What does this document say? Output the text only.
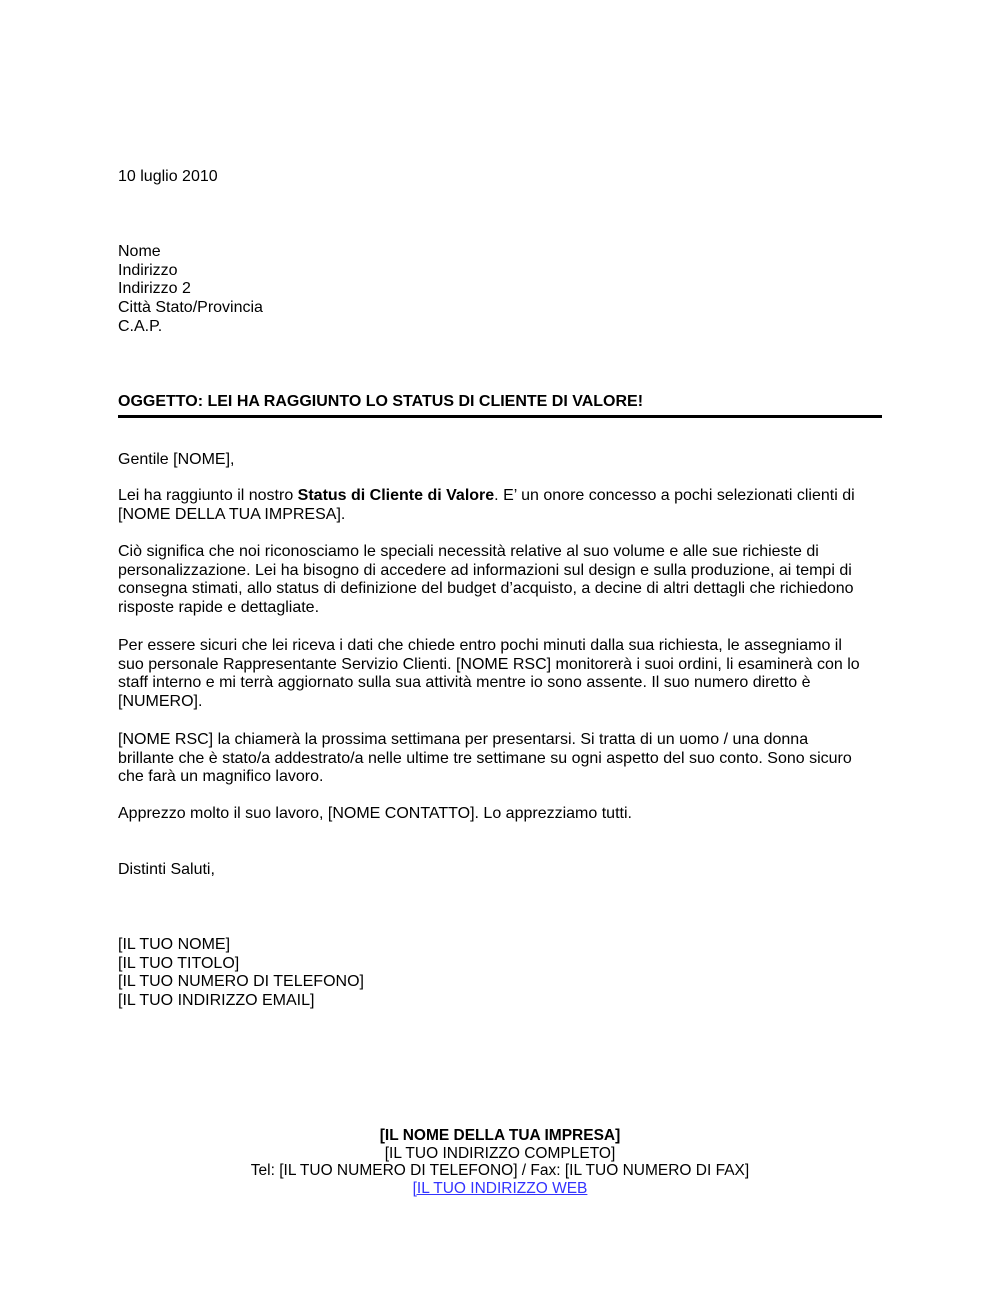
10 luglio 2010
Nome
Indirizzo
Indirizzo 2
Città Stato/Provincia
C.A.P.
OGGETTO: LEI HA RAGGIUNTO LO STATUS DI CLIENTE DI VALORE!
Gentile [NOME],
Lei ha raggiunto il nostro Status di Cliente di Valore. E’ un onore concesso a pochi selezionati clienti di
[NOME DELLA TUA IMPRESA].
Ciò significa che noi riconosciamo le speciali necessità relative al suo volume e alle sue richieste di
personalizzazione. Lei ha bisogno di accedere ad informazioni sul design e sulla produzione, ai tempi di
consegna stimati, allo status di definizione del budget d’acquisto, a decine di altri dettagli che richiedono
risposte rapide e dettagliate.
Per essere sicuri che lei riceva i dati che chiede entro pochi minuti dalla sua richiesta, le assegniamo il
suo personale Rappresentante Servizio Clienti. [NOME RSC] monitorerà i suoi ordini, li esaminerà con lo
staff interno e mi terrà aggiornato sulla sua attività mentre io sono assente. Il suo numero diretto è
[NUMERO].
[NOME RSC] la chiamerà la prossima settimana per presentarsi. Si tratta di un uomo / una donna
brillante che è stato/a addestrato/a nelle ultime tre settimane su ogni aspetto del suo conto. Sono sicuro
che farà un magnifico lavoro.
Apprezzo molto il suo lavoro, [NOME CONTATTO]. Lo apprezziamo tutti.
Distinti Saluti,
[IL TUO NOME]
[IL TUO TITOLO]
[IL TUO NUMERO DI TELEFONO]
[IL TUO INDIRIZZO EMAIL]
[IL NOME DELLA TUA IMPRESA]
[IL TUO INDIRIZZO COMPLETO]
Tel: [IL TUO NUMERO DI TELEFONO] / Fax: [IL TUO NUMERO DI FAX]
[IL TUO INDIRIZZO WEB
